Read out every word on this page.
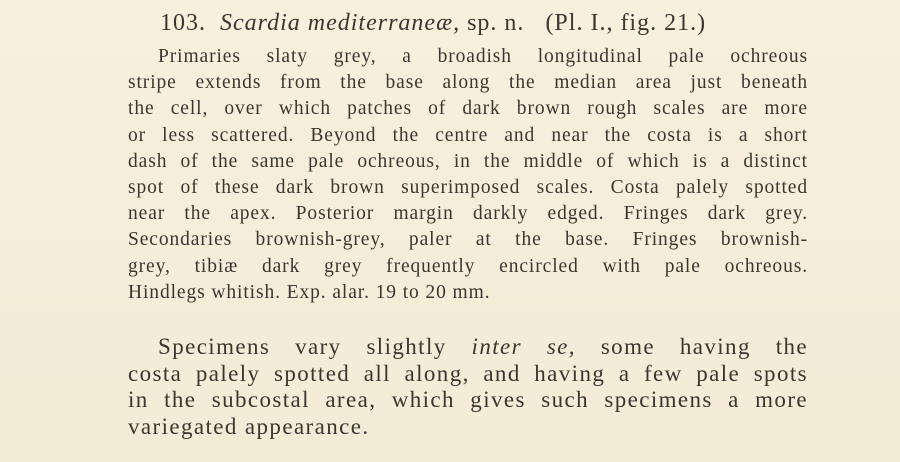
103. Scardia mediterraneæ, sp. n. (Pl. I., fig. 21.)
Primaries slaty grey, a broadish longitudinal pale ochreous
stripe extends from the base along the median area just beneath
the cell, over which patches of dark brown rough scales are more
or less scattered. Beyond the centre and near the costa is a short
dash of the same pale ochreous, in the middle of which is a distinct
spot of these dark brown superimposed scales. Costa palely spotted
near the apex. Posterior margin darkly edged. Fringes dark grey.
Secondaries brownish-grey, paler at the base. Fringes brownish-
grey, tibiæ dark grey frequently encircled with pale ochreous.
Hindlegs whitish. Exp. alar. 19 to 20 mm.
Specimens vary slightly inter se, some having the
costa palely spotted all along, and having a few pale spots
in the subcostal area, which gives such specimens a more
variegated appearance.
